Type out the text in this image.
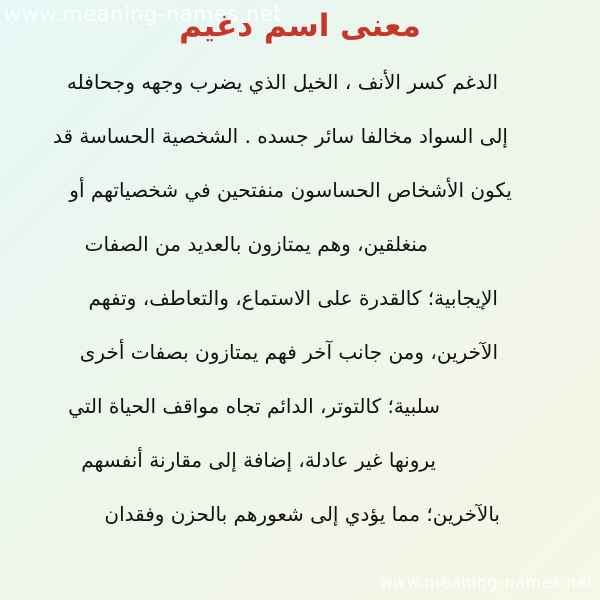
www.meaning-names.net
معنى اسم دغيم
الدغم كسر الأنف ، الخيل الذي يضرب وجهه وجحافله
إلى السواد مخالفا سائر جسده . الشخصية الحساسة قد
يكون الأشخاص الحساسون منفتحين في شخصياتهم أو
منغلقين، وهم يمتازون بالعديد من الصفات
الإيجابية؛ كالقدرة على الاستماع، والتعاطف، وتفهم
الآخرين، ومن جانب آخر فهم يمتازون بصفات أخرى
سلبية؛ كالتوتر، الدائم تجاه مواقف الحياة التي
يرونها غير عادلة، إضافة إلى مقارنة أنفسهم
بالآخرين؛ مما يؤدي إلى شعورهم بالحزن وفقدان
www.meaning-names.net
